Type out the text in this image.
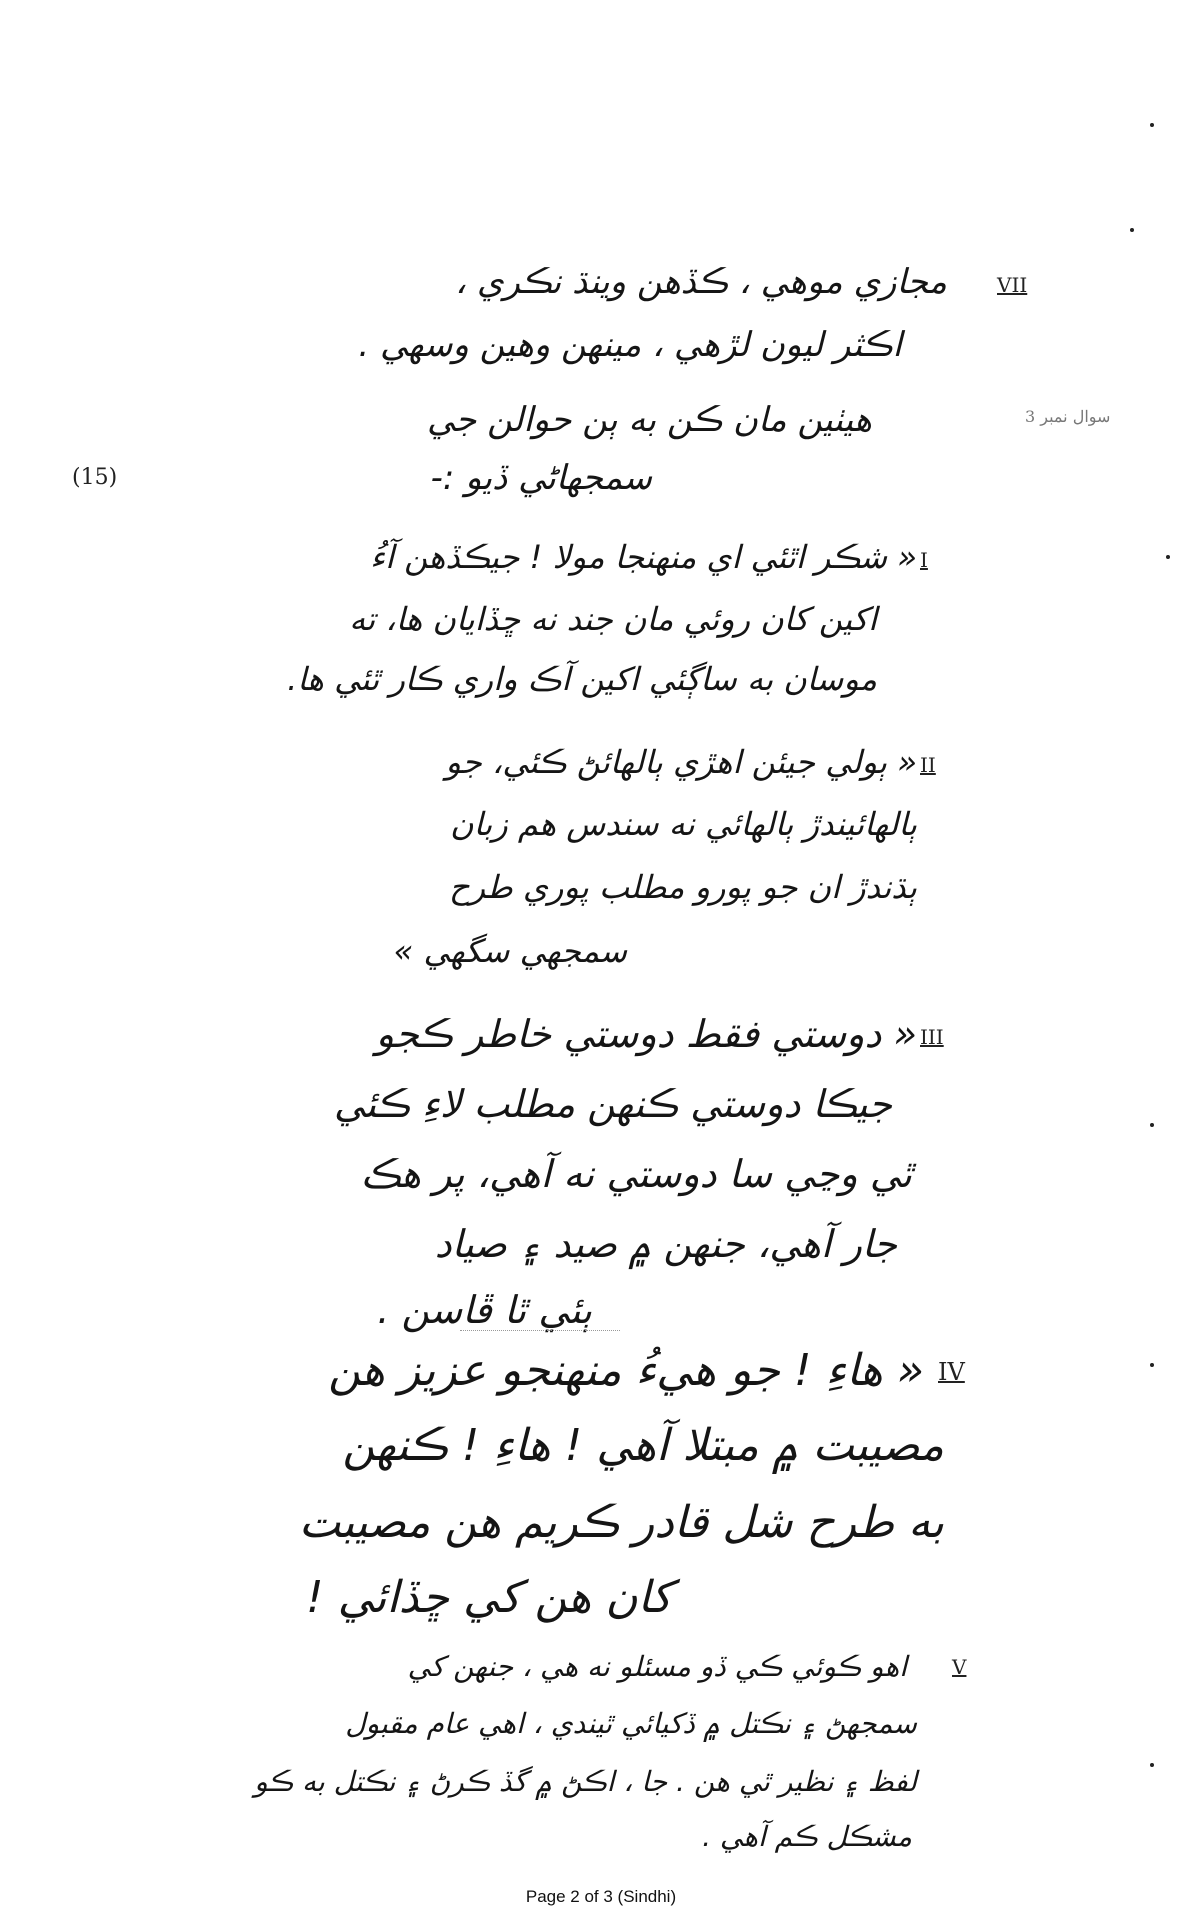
VII
مجازي موهي ، ڪڏهن وينڌ نڪري ،
اڪثر ليون لڙهي ، مينهن وهين وسهي .
سوال نمبر 3
هيٺين مان ڪن به ٻن حوالن جي
سمجهاڻي ڏيو :-
(15)
I
« شڪر اٿئي اي منهنجا مولا ! جيڪڏهن آءُ
اکين کان روئي مان جند نه ڇڏايان ها، ته
موسان به ساڳئي اکين آڪ واري ڪار ٿئي ها.
II
« ٻولي جيئن اهڙي ٻالهائڻ ڪئي، جو
ٻالهائيندڙ ٻالهائي نه سندس هم زبان
ٻڌندڙ ان جو پورو مطلب پوري طرح
سمجهي سگهي »
III
« دوستي فقط دوستي خاطر ڪجو
جيڪا دوستي ڪنهن مطلب لاءِ ڪئي
ٿي وڃي سا دوستي نه آهي، پر هڪ
جار آهي، جنهن ۾ صيد ۽ صياد
ٻئي ٿا ڦاسن .
IV
« هاءِ ! جو هيءُ منهنجو عزيز هن
مصيبت ۾ مبتلا آهي ! هاءِ ! ڪنهن
به طرح شل قادر ڪريم هن مصيبت
کان هن کي ڇڏائي !
V
اهو ڪوئي ڪي ڏو مسئلو نه هي ، جنهن کي
سمجهڻ ۽ نڪتل ۾ ڏکيائي ٿيندي ، اهي عام مقبول
لفظ ۽ نظير ٿي هن . جا ، اڪڻ ۾ گڏ ڪرڻ ۽ نڪتل به ڪو
مشڪل ڪم آهي .
Page 2 of 3 (Sindhi)
